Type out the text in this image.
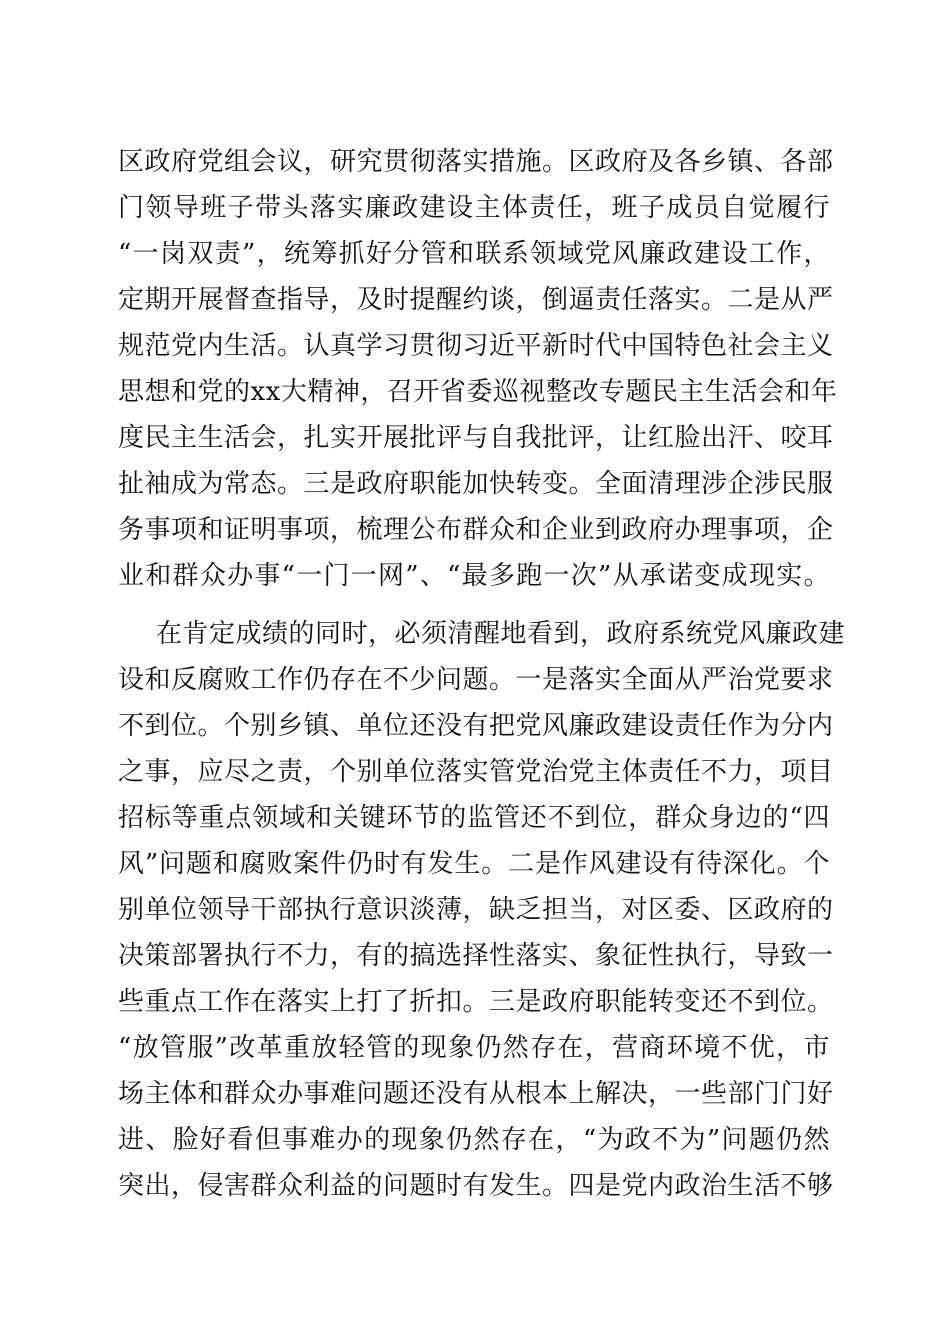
区政府党组会议，研究贯彻落实措施。区政府及各乡镇、各部
门领导班子带头落实廉政建设主体责任，班子成员自觉履行
“一岗双责”，统筹抓好分管和联系领域党风廉政建设工作，
定期开展督查指导，及时提醒约谈，倒逼责任落实。二是从严
规范党内生活。认真学习贯彻习近平新时代中国特色社会主义
思想和党的xx大精神，召开省委巡视整改专题民主生活会和年
度民主生活会，扎实开展批评与自我批评，让红脸出汗、咬耳
扯袖成为常态。三是政府职能加快转变。全面清理涉企涉民服
务事项和证明事项，梳理公布群众和企业到政府办理事项，企
业和群众办事“一门一网”、“最多跑一次”从承诺变成现实。
在肯定成绩的同时，必须清醒地看到，政府系统党风廉政建
设和反腐败工作仍存在不少问题。一是落实全面从严治党要求
不到位。个别乡镇、单位还没有把党风廉政建设责任作为分内
之事，应尽之责，个别单位落实管党治党主体责任不力，项目
招标等重点领域和关键环节的监管还不到位，群众身边的“四
风”问题和腐败案件仍时有发生。二是作风建设有待深化。个
别单位领导干部执行意识淡薄，缺乏担当，对区委、区政府的
决策部署执行不力，有的搞选择性落实、象征性执行，导致一
些重点工作在落实上打了折扣。三是政府职能转变还不到位。
“放管服”改革重放轻管的现象仍然存在，营商环境不优，市
场主体和群众办事难问题还没有从根本上解决，一些部门门好
进、脸好看但事难办的现象仍然存在，“为政不为”问题仍然
突出，侵害群众利益的问题时有发生。四是党内政治生活不够
